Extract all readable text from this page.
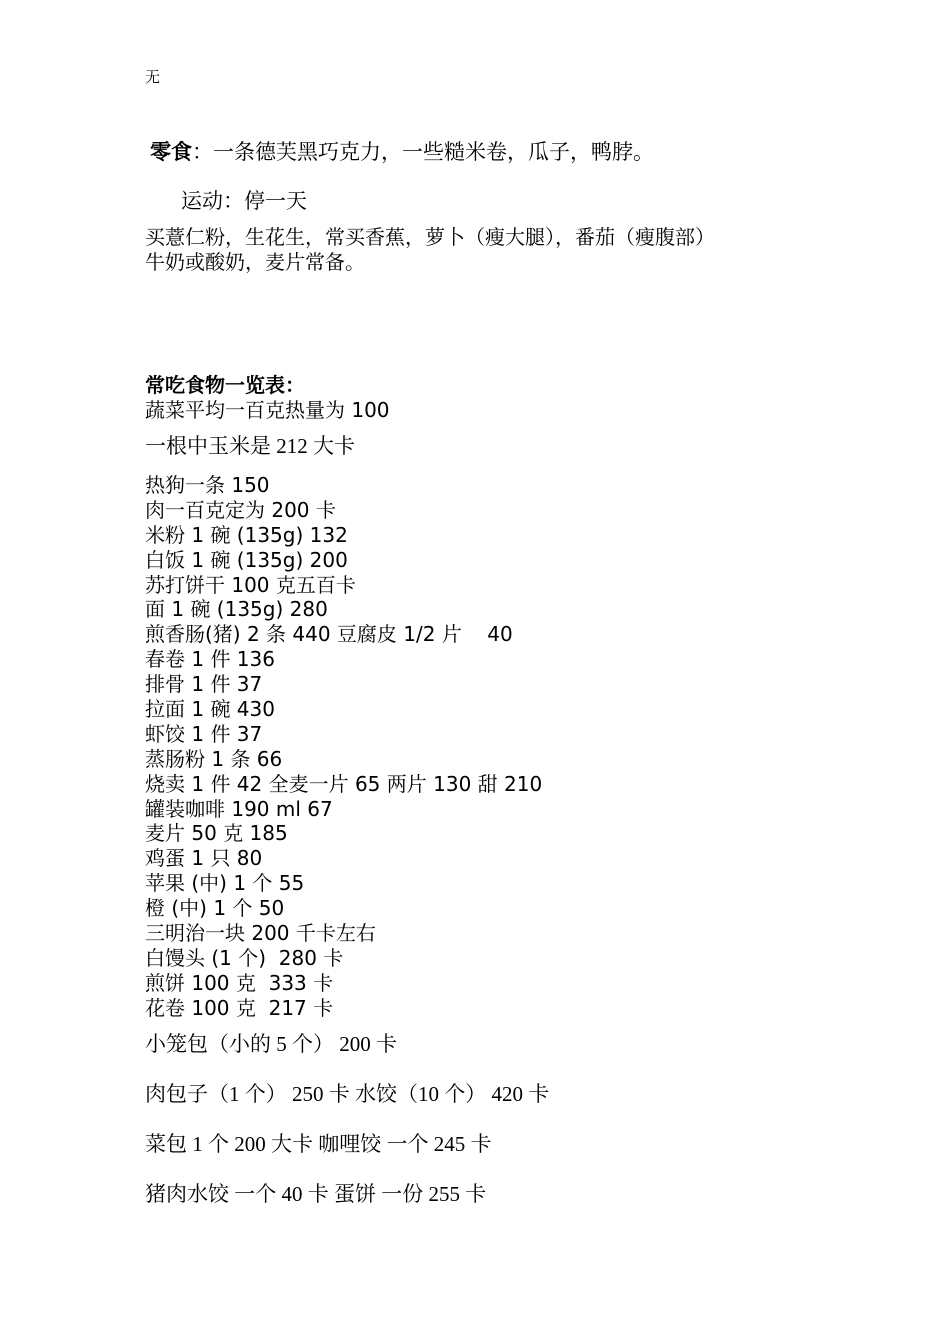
无
零食：一条德芙黑巧克力，一些糙米卷，瓜子，鸭脖。
运动：停一天
买薏仁粉，生花生，常买香蕉，萝卜（瘦大腿），番茄（瘦腹部）
牛奶或酸奶，麦片常备。
常吃食物一览表：
蔬菜平均一百克热量为 100
一根中玉米是 212 大卡
热狗一条 150
肉一百克定为 200 卡
米粉 1 碗 (135g) 132
白饭 1 碗 (135g) 200
苏打饼干 100 克五百卡
面 1 碗 (135g) 280
煎香肠(猪) 2 条 440 豆腐皮 1/2 片    40
春卷 1 件 136
排骨 1 件 37
拉面 1 碗 430
虾饺 1 件 37
蒸肠粉 1 条 66
烧卖 1 件 42 全麦一片 65 两片 130 甜 210
罐装咖啡 190 ml 67
麦片 50 克 185
鸡蛋 1 只 80
苹果 (中) 1 个 55
橙 (中) 1 个 50
三明治一块 200 千卡左右
白馒头 (1 个)  280 卡
煎饼 100 克  333 卡
花卷 100 克  217 卡
小笼包（小的 5 个） 200 卡
肉包子（1 个） 250 卡 水饺（10 个） 420 卡
菜包 1 个 200 大卡 咖哩饺 一个 245 卡
猪肉水饺 一个 40 卡 蛋饼 一份 255 卡
